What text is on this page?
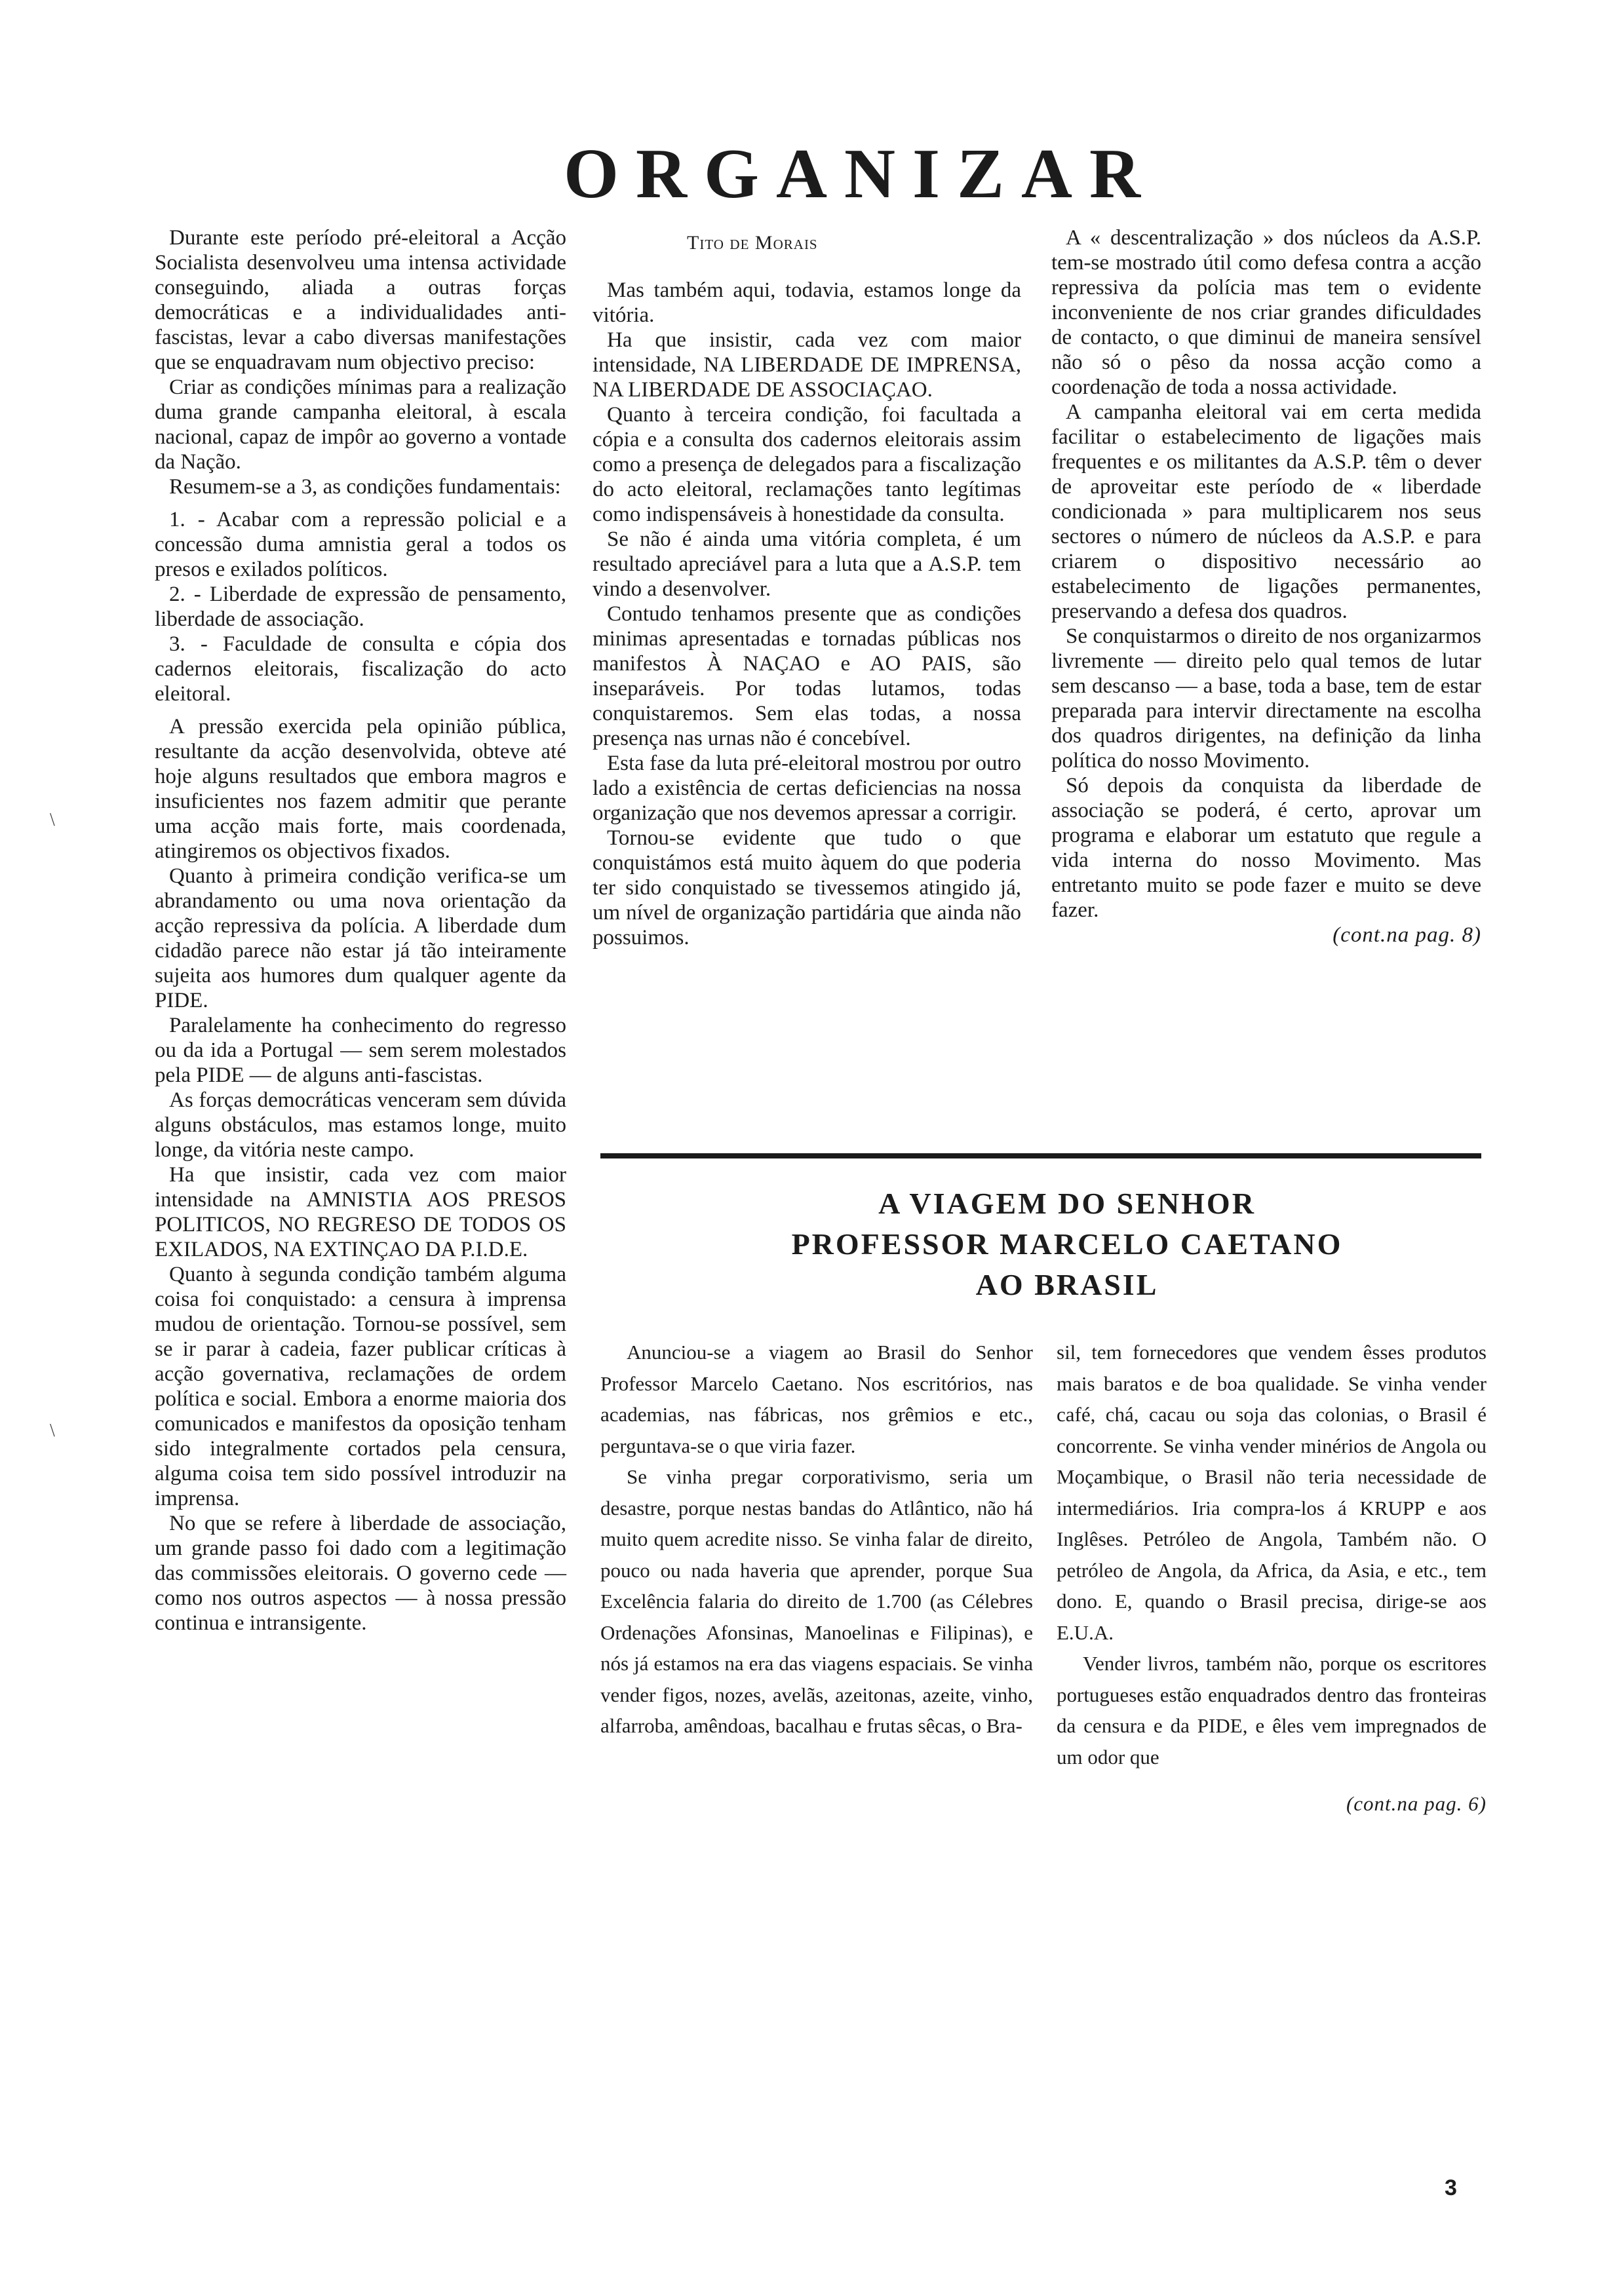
\
\
ORGANIZAR
Tito de Morais

Durante este período pré-eleitoral a Acção Socialista desenvolveu uma intensa actividade conseguindo, aliada a outras forças democráticas e a individualidades anti-fascistas, levar a cabo diversas manifestações que se enquadravam num objectivo preciso:

Criar as condições mínimas para a realização duma grande campanha eleitoral, à escala nacional, capaz de impôr ao governo a vontade da Nação.

Resumem-se a 3, as condições fundamentais:

1. - Acabar com a repressão policial e a concessão duma amnistia geral a todos os presos e exilados políticos.

2. - Liberdade de expressão de pensamento, liberdade de associação.

3. - Faculdade de consulta e cópia dos cadernos eleitorais, fiscalização do acto eleitoral.

A pressão exercida pela opinião pública, resultante da acção desenvolvida, obteve até hoje alguns resultados que embora magros e insuficientes nos fazem admitir que perante uma acção mais forte, mais coordenada, atingiremos os objectivos fixados.

Quanto à primeira condição verifica-se um abrandamento ou uma nova orientação da acção repressiva da polícia. A liberdade dum cidadão parece não estar já tão inteiramente sujeita aos humores dum qualquer agente da PIDE.

Paralelamente ha conhecimento do regresso ou da ida a Portugal — sem serem molestados pela PIDE — de alguns anti-fascistas.

As forças democráticas venceram sem dúvida alguns obstáculos, mas estamos longe, muito longe, da vitória neste campo.

Ha que insistir, cada vez com maior intensidade na AMNISTIA AOS PRESOS POLITICOS, NO REGRESO DE TODOS OS EXILADOS, NA EXTINÇAO DA P.I.D.E.

Quanto à segunda condição também alguma coisa foi conquistado: a censura à imprensa mudou de orientação. Tornou-se possível, sem se ir parar à cadeia, fazer publicar críticas à acção governativa, reclamações de ordem política e social. Embora a enorme maioria dos comunicados e manifestos da oposição tenham sido integralmente cortados pela censura, alguma coisa tem sido possível introduzir na imprensa.

No que se refere à liberdade de associação, um grande passo foi dado com a legitimação das commissões eleitorais. O governo cede — como nos outros aspectos — à nossa pressão continua e intransigente.

Mas também aqui, todavia, estamos longe da vitória.

Ha que insistir, cada vez com maior intensidade, NA LIBERDADE DE IMPRENSA, NA LIBERDADE DE ASSOCIAÇAO.

Quanto à terceira condição, foi facultada a cópia e a consulta dos cadernos eleitorais assim como a presença de delegados para a fiscalização do acto eleitoral, reclamações tanto legítimas como indispensáveis à honestidade da consulta.

Se não é ainda uma vitória completa, é um resultado apreciável para a luta que a A.S.P. tem vindo a desenvolver.

Contudo tenhamos presente que as condições minimas apresentadas e tornadas públicas nos manifestos À NAÇAO e AO PAIS, são inseparáveis. Por todas lutamos, todas conquistaremos. Sem elas todas, a nossa presença nas urnas não é concebível.

Esta fase da luta pré-eleitoral mostrou por outro lado a existência de certas deficiencias na nossa organização que nos devemos apressar a corrigir.

Tornou-se evidente que tudo o que conquistámos está muito àquem do que poderia ter sido conquistado se tivessemos atingido já, um nível de organização partidária que ainda não possuimos.

A « descentralização » dos núcleos da A.S.P. tem-se mostrado útil como defesa contra a acção repressiva da polícia mas tem o evidente inconveniente de nos criar grandes dificuldades de contacto, o que diminui de maneira sensível não só o pêso da nossa acção como a coordenação de toda a nossa actividade.

A campanha eleitoral vai em certa medida facilitar o estabelecimento de ligações mais frequentes e os militantes da A.S.P. têm o dever de aproveitar este período de « liberdade condicionada » para multiplicarem nos seus sectores o número de núcleos da A.S.P. e para criarem o dispositivo necessário ao estabelecimento de ligações permanentes, preservando a defesa dos quadros.

Se conquistarmos o direito de nos organizarmos livremente — direito pelo qual temos de lutar sem descanso — a base, toda a base, tem de estar preparada para intervir directamente na escolha dos quadros dirigentes, na definição da linha política do nosso Movimento.

Só depois da conquista da liberdade de associação se poderá, é certo, aprovar um programa e elaborar um estatuto que regule a vida interna do nosso Movimento. Mas entretanto muito se pode fazer e muito se deve fazer.

(cont.na pag. 8)

A VIAGEM DO SENHOR
PROFESSOR MARCELO CAETANO
AO BRASIL

Anunciou-se a viagem ao Brasil do Senhor Professor Marcelo Caetano. Nos escritórios, nas academias, nas fábricas, nos grêmios e etc., perguntava-se o que viria fazer.

Se vinha pregar corporativismo, seria um desastre, porque nestas bandas do Atlântico, não há muito quem acredite nisso. Se vinha falar de direito, pouco ou nada haveria que aprender, porque Sua Excelência falaria do direito de 1.700 (as Célebres Ordenações Afonsinas, Manoelinas e Filipinas), e nós já estamos na era das viagens espaciais. Se vinha vender figos, nozes, avelãs, azeitonas, azeite, vinho, alfarroba, amêndoas, bacalhau e frutas sêcas, o Bra-

sil, tem fornecedores que vendem êsses produtos mais baratos e de boa qualidade. Se vinha vender café, chá, cacau ou soja das colonias, o Brasil é concorrente. Se vinha vender minérios de Angola ou Moçambique, o Brasil não teria necessidade de intermediários. Iria compra-los á KRUPP e aos Inglêses. Petróleo de Angola, Também não. O petróleo de Angola, da Africa, da Asia, e etc., tem dono. E, quando o Brasil precisa, dirige-se aos E.U.A.

Vender livros, também não, porque os escritores portugueses estão enquadrados dentro das fronteiras da censura e da PIDE, e êles vem impregnados de um odor que

(cont.na pag. 6)

3
